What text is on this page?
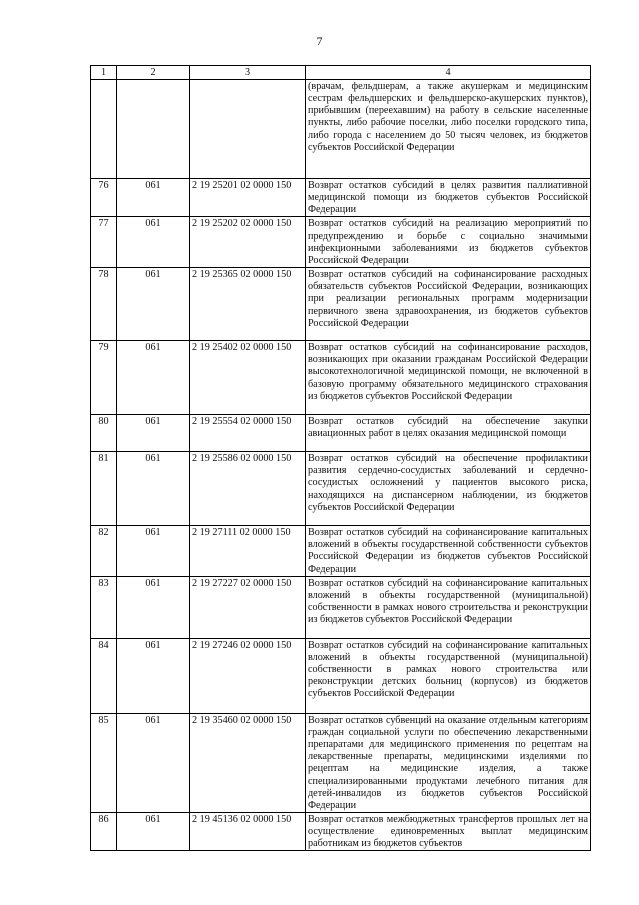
7
1	2	3	4
			(врачам, фельдшерам, а также акушеркам и медицинским сестрам фельдшерских и фельдшерско-акушерских пунктов), прибывшим (переехавшим) на работу в сельские населенные пункты, либо рабочие поселки, либо поселки городского типа, либо города с населением до 50 тысяч человек, из бюджетов субъектов Российской Федерации
76	061	2 19 25201 02 0000 150	Возврат остатков субсидий в целях развития паллиативной медицинской помощи из бюджетов субъектов Российской Федерации
77	061	2 19 25202 02 0000 150	Возврат остатков субсидий на реализацию мероприятий по предупреждению и борьбе с социально значимыми инфекционными заболеваниями из бюджетов субъектов Российской Федерации
78	061	2 19 25365 02 0000 150	Возврат остатков субсидий на софинансирование расходных обязательств субъектов Российской Федерации, возникающих при реализации региональных программ модернизации первичного звена здравоохранения, из бюджетов субъектов Российской Федерации
79	061	2 19 25402 02 0000 150	Возврат остатков субсидий на софинансирование расходов, возникающих при оказании гражданам Российской Федерации высокотехнологичной медицинской помощи, не включенной в базовую программу обязательного медицинского страхования из бюджетов субъектов Российской Федерации
80	061	2 19 25554 02 0000 150	Возврат остатков субсидий на обеспечение закупки авиационных работ в целях оказания медицинской помощи
81	061	2 19 25586 02 0000 150	Возврат остатков субсидий на обеспечение профилактики развития сердечно-сосудистых заболеваний и сердечно-сосудистых осложнений у пациентов высокого риска, находящихся на диспансерном наблюдении, из бюджетов субъектов Российской Федерации
82	061	2 19 27111 02 0000 150	Возврат остатков субсидий на софинансирование капитальных вложений в объекты государственной собственности субъектов Российской Федерации из бюджетов субъектов Российской Федерации
83	061	2 19 27227 02 0000 150	Возврат остатков субсидий на софинансирование капитальных вложений в объекты государственной (муниципальной) собственности в рамках нового строительства и реконструкции из бюджетов субъектов Российской Федерации
84	061	2 19 27246 02 0000 150	Возврат остатков субсидий на софинансирование капитальных вложений в объекты государственной (муниципальной) собственности в рамках нового строительства или реконструкции детских больниц (корпусов) из бюджетов субъектов Российской Федерации
85	061	2 19 35460 02 0000 150	Возврат остатков субвенций на оказание отдельным категориям граждан социальной услуги по обеспечению лекарственными препаратами для медицинского применения по рецептам на лекарственные препараты, медицинскими изделиями по рецептам на медицинские изделия, а также специализированными продуктами лечебного питания для детей-инвалидов из бюджетов субъектов Российской Федерации
86	061	2 19 45136 02 0000 150	Возврат остатков межбюджетных трансфертов прошлых лет на осуществление единовременных выплат медицинским работникам из бюджетов субъектов
